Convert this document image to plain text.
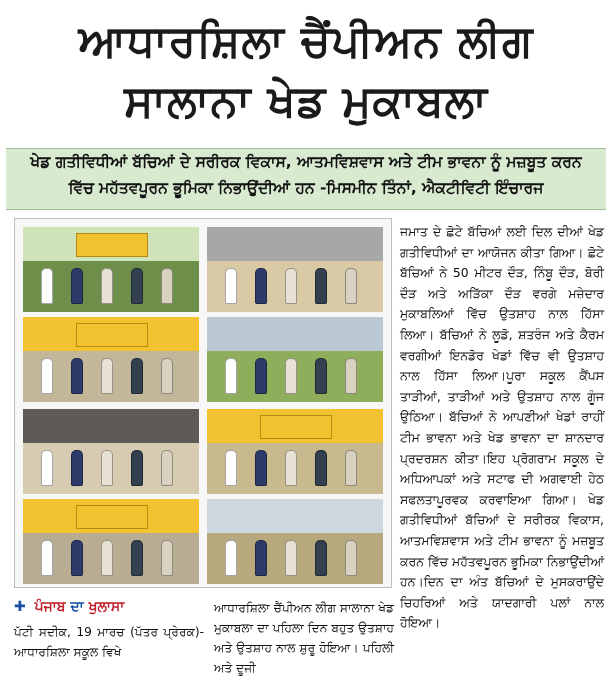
ਆਧਾਰਸ਼ਿਲਾ ਚੈਂਪੀਅਨ ਲੀਗ
ਸਾਲਾਨਾ ਖੇਡ ਮੁਕਾਬਲਾ
ਖੇਡ ਗਤੀਵਿਧੀਆਂ ਬੱਚਿਆਂ ਦੇ ਸਰੀਰਕ ਵਿਕਾਸ, ਆਤਮਵਿਸ਼ਵਾਸ ਅਤੇ ਟੀਮ ਭਾਵਨਾ ਨੂੰ ਮਜ਼ਬੂਤ ਕਰਨ
ਵਿੱਚ ਮਹੱਤਵਪੂਰਨ ਭੂਮਿਕਾ ਨਿਭਾਉਂਦੀਆਂ ਹਨ -ਮਿਸਮੀਨ ਤਿੰਨਾਂ, ਐਕਟੀਵਿਟੀ ਇੰਚਾਰਜ

ਜਮਾਤ ਦੇ ਛੋਟੇ ਬੱਚਿਆਂ ਲਈ ਦਿਲ ਦੀਆਂ ਖੇਡ ਗਤੀਵਿਧੀਆਂ ਦਾ ਆਯੋਜਨ ਕੀਤਾ ਗਿਆ। ਛੋਟੇ ਬੱਚਿਆਂ ਨੇ 50 ਮੀਟਰ ਦੌੜ, ਨਿੰਬੂ ਦੌੜ, ਬੋਰੀ ਦੌੜ ਅਤੇ ਅੜਿੱਕਾ ਦੌੜ ਵਰਗੇ ਮਜ਼ੇਦਾਰ ਮੁਕਾਬਲਿਆਂ ਵਿੱਚ ਉਤਸ਼ਾਹ ਨਾਲ ਹਿੱਸਾ ਲਿਆ। ਬੱਚਿਆਂ ਨੇ ਲੂਡੋ, ਸ਼ਤਰੰਜ ਅਤੇ ਕੈਰਮ ਵਰਗੀਆਂ ਇਨਡੋਰ ਖੇਡਾਂ ਵਿੱਚ ਵੀ ਉਤਸ਼ਾਹ ਨਾਲ ਹਿੱਸਾ ਲਿਆ।ਪੂਰਾ ਸਕੂਲ ਕੈਂਪਸ ਤਾੜੀਆਂ, ਤਾੜੀਆਂ ਅਤੇ ਉਤਸ਼ਾਹ ਨਾਲ ਗੂੰਜ ਉਠਿਆ। ਬੱਚਿਆਂ ਨੇ ਆਪਣੀਆਂ ਖੇਡਾਂ ਰਾਹੀਂ ਟੀਮ ਭਾਵਨਾ ਅਤੇ ਖੇਡ ਭਾਵਨਾ ਦਾ ਸ਼ਾਨਦਾਰ ਪ੍ਰਦਰਸ਼ਨ ਕੀਤਾ।ਇਹ ਪ੍ਰੋਗਰਾਮ ਸਕੂਲ ਦੇ ਅਧਿਆਪਕਾਂ ਅਤੇ ਸਟਾਫ ਦੀ ਅਗਵਾਈ ਹੇਠ ਸਫਲਤਾਪੂਰਵਕ ਕਰਵਾਇਆ ਗਿਆ। ਖੇਡ ਗਤੀਵਿਧੀਆਂ ਬੱਚਿਆਂ ਦੇ ਸਰੀਰਕ ਵਿਕਾਸ, ਆਤਮਵਿਸ਼ਵਾਸ ਅਤੇ ਟੀਮ ਭਾਵਨਾ ਨੂੰ ਮਜ਼ਬੂਤ ਕਰਨ ਵਿੱਚ ਮਹੱਤਵਪੂਰਨ ਭੂਮਿਕਾ ਨਿਭਾਉਂਦੀਆਂ ਹਨ।ਦਿਨ ਦਾ ਅੰਤ ਬੱਚਿਆਂ ਦੇ ਮੁਸਕਰਾਉਂਦੇ ਚਿਹਰਿਆਂ ਅਤੇ ਯਾਦਗਾਰੀ ਪਲਾਂ ਨਾਲ ਹੋਇਆ।

✚ ਪੰਜਾਬ ਦਾ ਖੁਲਾਸਾ
ਪੱਟੀ ਸਦੀਕ, 19 ਮਾਰਚ (ਪੱਤਰ ਪ੍ਰੇਰਕ)- ਆਧਾਰਸ਼ਿਲਾ ਸਕੂਲ ਵਿਖੇ
ਆਧਾਰਸ਼ਿਲਾ ਚੈਂਪੀਅਨ ਲੀਗ ਸਾਲਾਨਾ ਖੇਡ ਮੁਕਾਬਲਾ ਦਾ ਪਹਿਲਾ ਦਿਨ ਬਹੁਤ ਉਤਸ਼ਾਹ ਅਤੇ ਉਤਸ਼ਾਹ ਨਾਲ ਸ਼ੁਰੂ ਹੋਇਆ। ਪਹਿਲੀ ਅਤੇ ਦੂਜੀ
